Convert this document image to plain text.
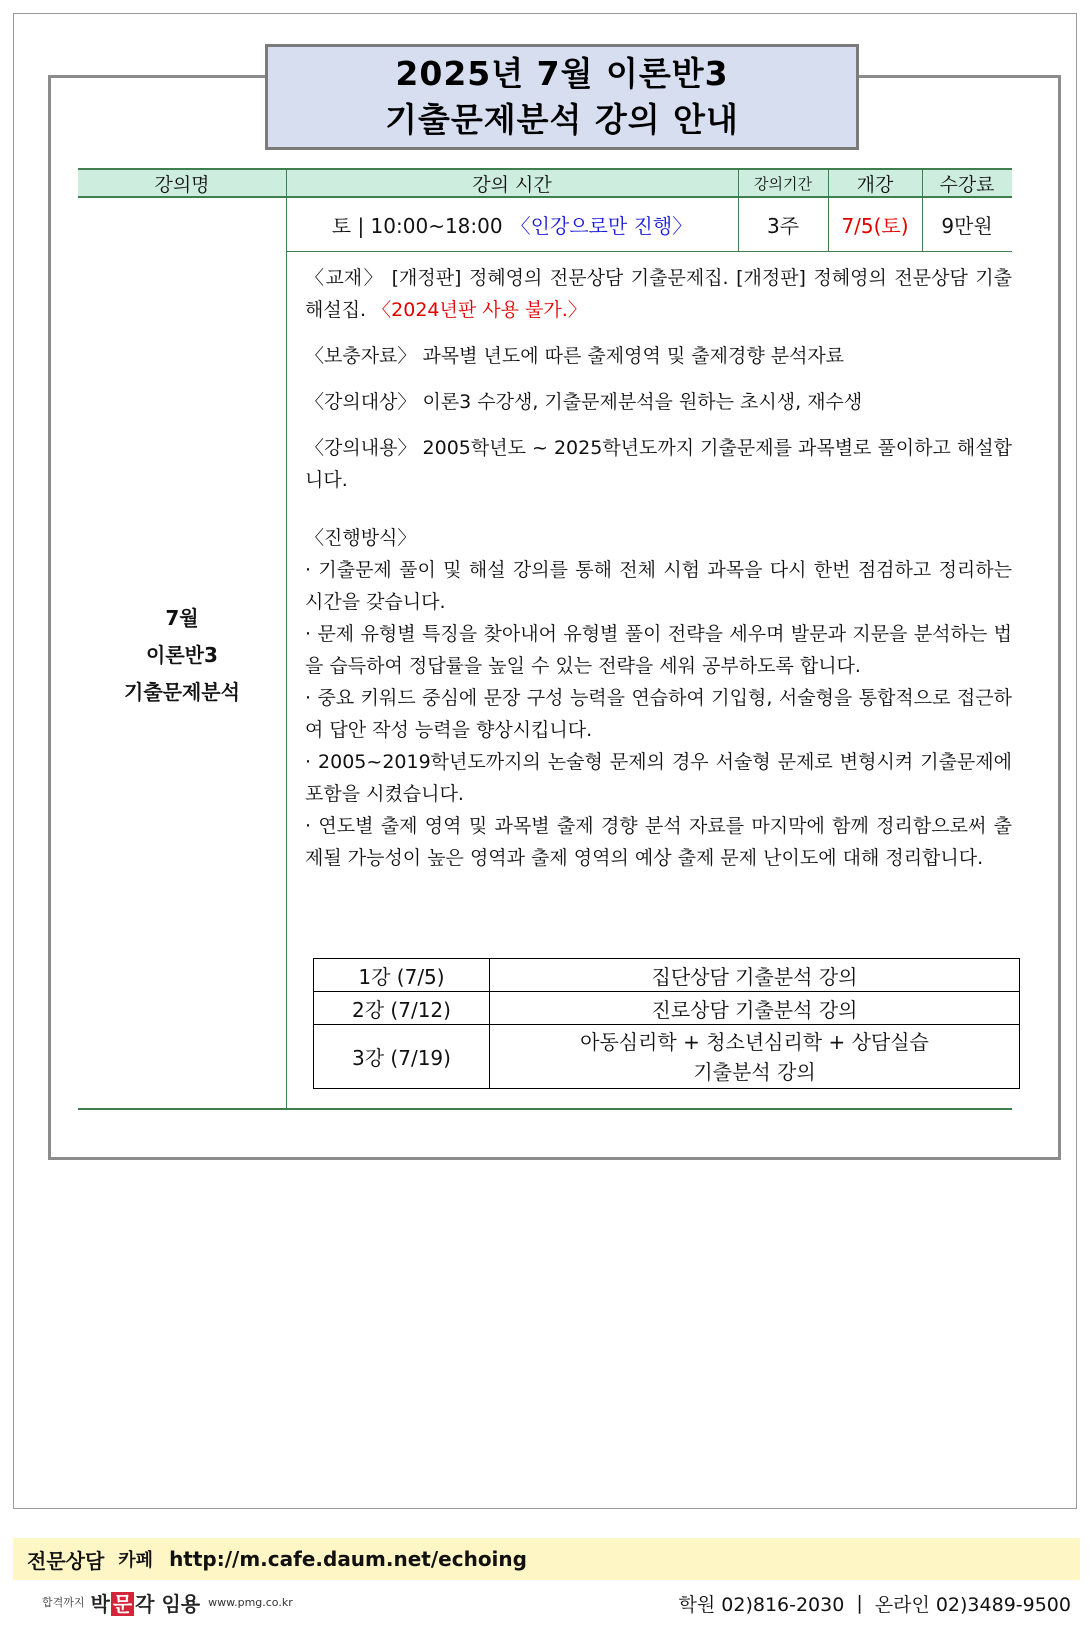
2025년 7월 이론반3
기출문제분석 강의 안내
강의명	강의 시간	강의기간	개강	수강료
토 | 10:00~18:00 〈인강으로만 진행〉	3주	7/5(토)	9만원
7월
이론반3
기출문제분석

〈교재〉 [개정판] 정혜영의 전문상담 기출문제집. [개정판] 정혜영의 전문상담 기출해설집. 〈2024년판 사용 불가.〉

〈보충자료〉 과목별 년도에 따른 출제영역 및 출제경향 분석자료

〈강의대상〉 이론3 수강생, 기출문제분석을 원하는 초시생, 재수생

〈강의내용〉 2005학년도 ~ 2025학년도까지 기출문제를 과목별로 풀이하고 해설합니다.

〈진행방식〉

· 기출문제 풀이 및 해설 강의를 통해 전체 시험 과목을 다시 한번 점검하고 정리하는 시간을 갖습니다.

· 문제 유형별 특징을 찾아내어 유형별 풀이 전략을 세우며 발문과 지문을 분석하는 법을 습득하여 정답률을 높일 수 있는 전략을 세워 공부하도록 합니다.

· 중요 키워드 중심에 문장 구성 능력을 연습하여 기입형, 서술형을 통합적으로 접근하여 답안 작성 능력을 향상시킵니다.

· 2005~2019학년도까지의 논술형 문제의 경우 서술형 문제로 변형시켜 기출문제에 포함을 시켰습니다.

· 연도별 출제 영역 및 과목별 출제 경향 분석 자료를 마지막에 함께 정리함으로써 출제될 가능성이 높은 영역과 출제 영역의 예상 출제 문제 난이도에 대해 정리합니다.

1강 (7/5)	집단상담 기출분석 강의
2강 (7/12)	진로상담 기출분석 강의
3강 (7/19)	아동심리학 + 청소년심리학 + 상담실습 기출분석 강의
전문상담 카페 http://m.cafe.daum.net/echoing
합격까지 박 문 각 임용 www.pmg.co.kr	학원 02)816-2030 | 온라인 02)3489-9500
